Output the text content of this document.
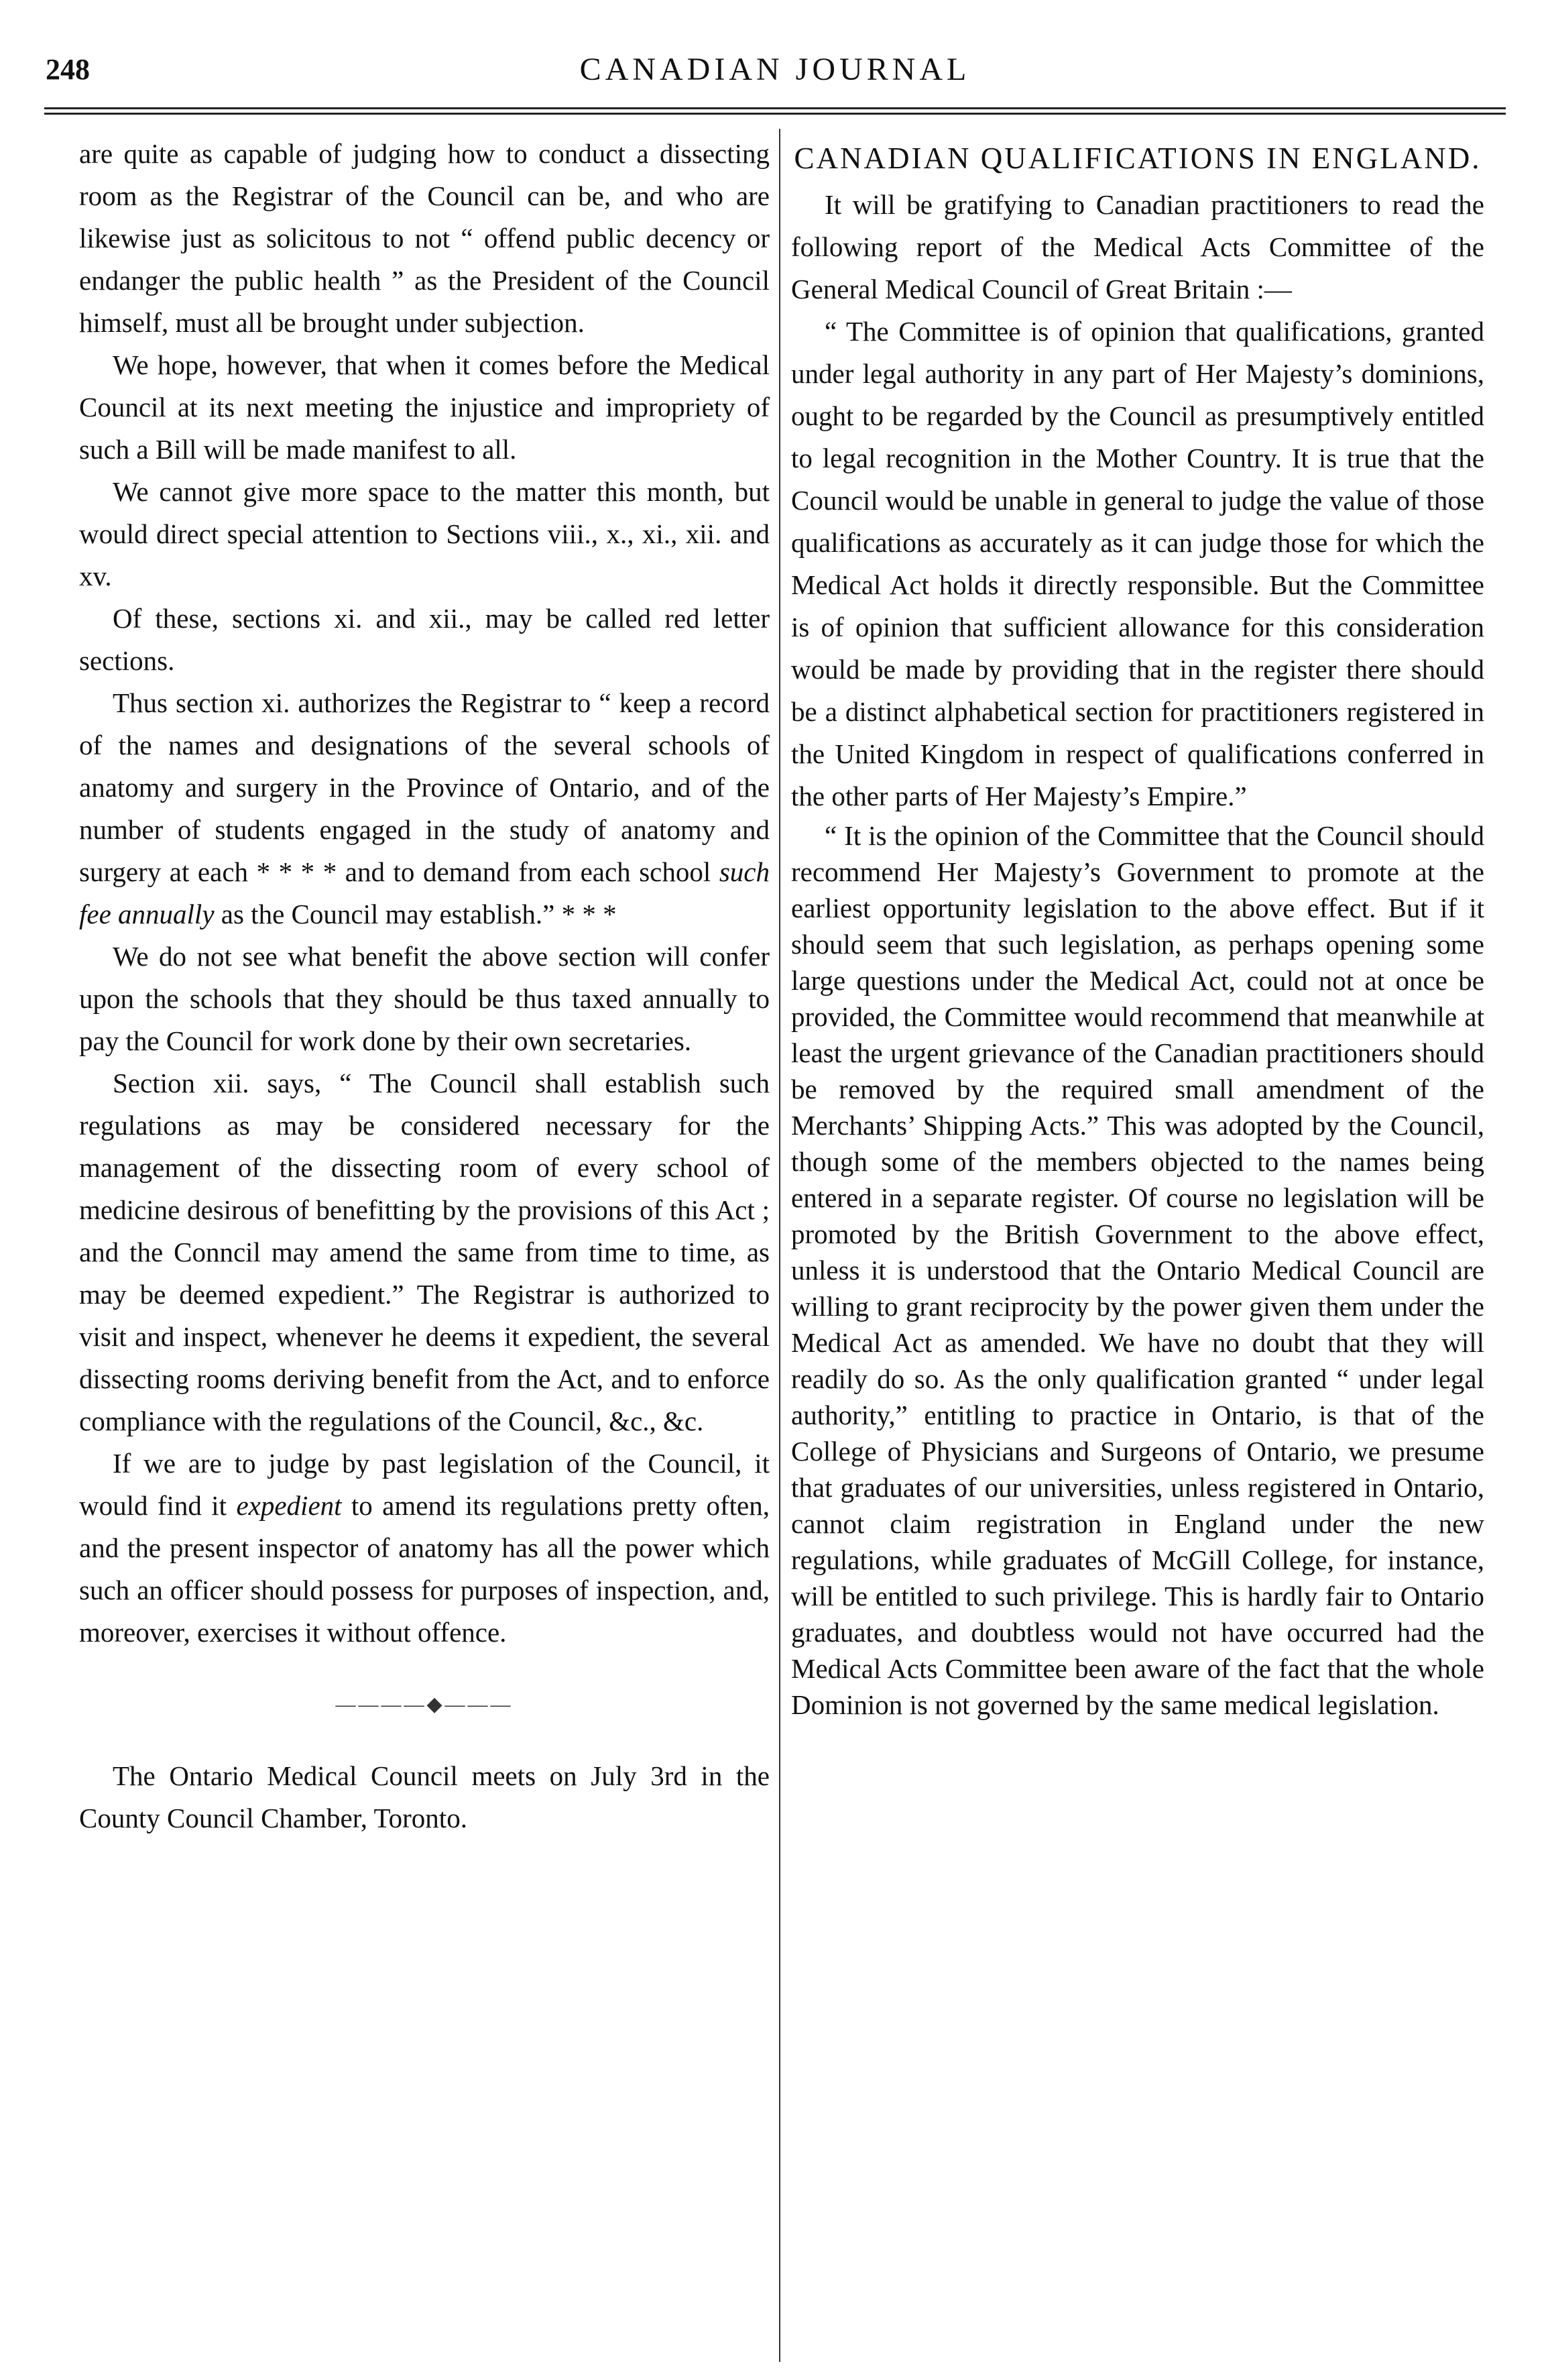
248	CANADIAN JOURNAL

are quite as capable of judging how to conduct a dissecting room as the Registrar of the Council can be, and who are likewise just as solicitous to not “ offend public decency or endanger the public health ” as the President of the Council himself, must all be brought under subjection.

We hope, however, that when it comes before the Medical Council at its next meeting the injustice and impropriety of such a Bill will be made manifest to all.

We cannot give more space to the matter this month, but would direct special attention to Sections viii., x., xi., xii. and xv.

Of these, sections xi. and xii., may be called red letter sections.

Thus section xi. authorizes the Registrar to “ keep a record of the names and designations of the several schools of anatomy and surgery in the Province of Ontario, and of the number of students engaged in the study of anatomy and surgery at each * * * * and to demand from each school such fee annually as the Council may establish.” * * *

We do not see what benefit the above section will confer upon the schools that they should be thus taxed annually to pay the Council for work done by their own secretaries.

Section xii. says, “ The Council shall establish such regulations as may be considered necessary for the management of the dissecting room of every school of medicine desirous of benefitting by the provisions of this Act ; and the Conncil may amend the same from time to time, as may be deemed expedient.” The Registrar is authorized to visit and inspect, whenever he deems it expedient, the several dissecting rooms deriving benefit from the Act, and to enforce compliance with the regulations of the Council, &c., &c.

If we are to judge by past legislation of the Council, it would find it expedient to amend its regulations pretty often, and the present inspector of anatomy has all the power which such an officer should possess for purposes of inspection, and, moreover, exercises it without offence.

————◆———

The Ontario Medical Council meets on July 3rd in the County Council Chamber, Toronto.

CANADIAN QUALIFICATIONS IN ENGLAND.

It will be gratifying to Canadian practitioners to read the following report of the Medical Acts Committee of the General Medical Council of Great Britain :—

“ The Committee is of opinion that qualifications, granted under legal authority in any part of Her Majesty’s dominions, ought to be regarded by the Council as presumptively entitled to legal recognition in the Mother Country. It is true that the Council would be unable in general to judge the value of those qualifications as accurately as it can judge those for which the Medical Act holds it directly responsible. But the Committee is of opinion that sufficient allowance for this consideration would be made by providing that in the register there should be a distinct alphabetical section for practitioners registered in the United Kingdom in respect of qualifications conferred in the other parts of Her Majesty’s Empire.”

“ It is the opinion of the Committee that the Council should recommend Her Majesty’s Government to promote at the earliest opportunity legislation to the above effect. But if it should seem that such legislation, as perhaps opening some large questions under the Medical Act, could not at once be provided, the Committee would recommend that meanwhile at least the urgent grievance of the Canadian practitioners should be removed by the required small amendment of the Merchants’ Shipping Acts.” This was adopted by the Council, though some of the members objected to the names being entered in a separate register. Of course no legislation will be promoted by the British Government to the above effect, unless it is understood that the Ontario Medical Council are willing to grant reciprocity by the power given them under the Medical Act as amended. We have no doubt that they will readily do so. As the only qualification granted “ under legal authority,” entitling to practice in Ontario, is that of the College of Physicians and Surgeons of Ontario, we presume that graduates of our universities, unless registered in Ontario, cannot claim registration in England under the new regulations, while graduates of McGill College, for instance, will be entitled to such privilege. This is hardly fair to Ontario graduates, and doubtless would not have occurred had the Medical Acts Committee been aware of the fact that the whole Dominion is not governed by the same medical legislation.
